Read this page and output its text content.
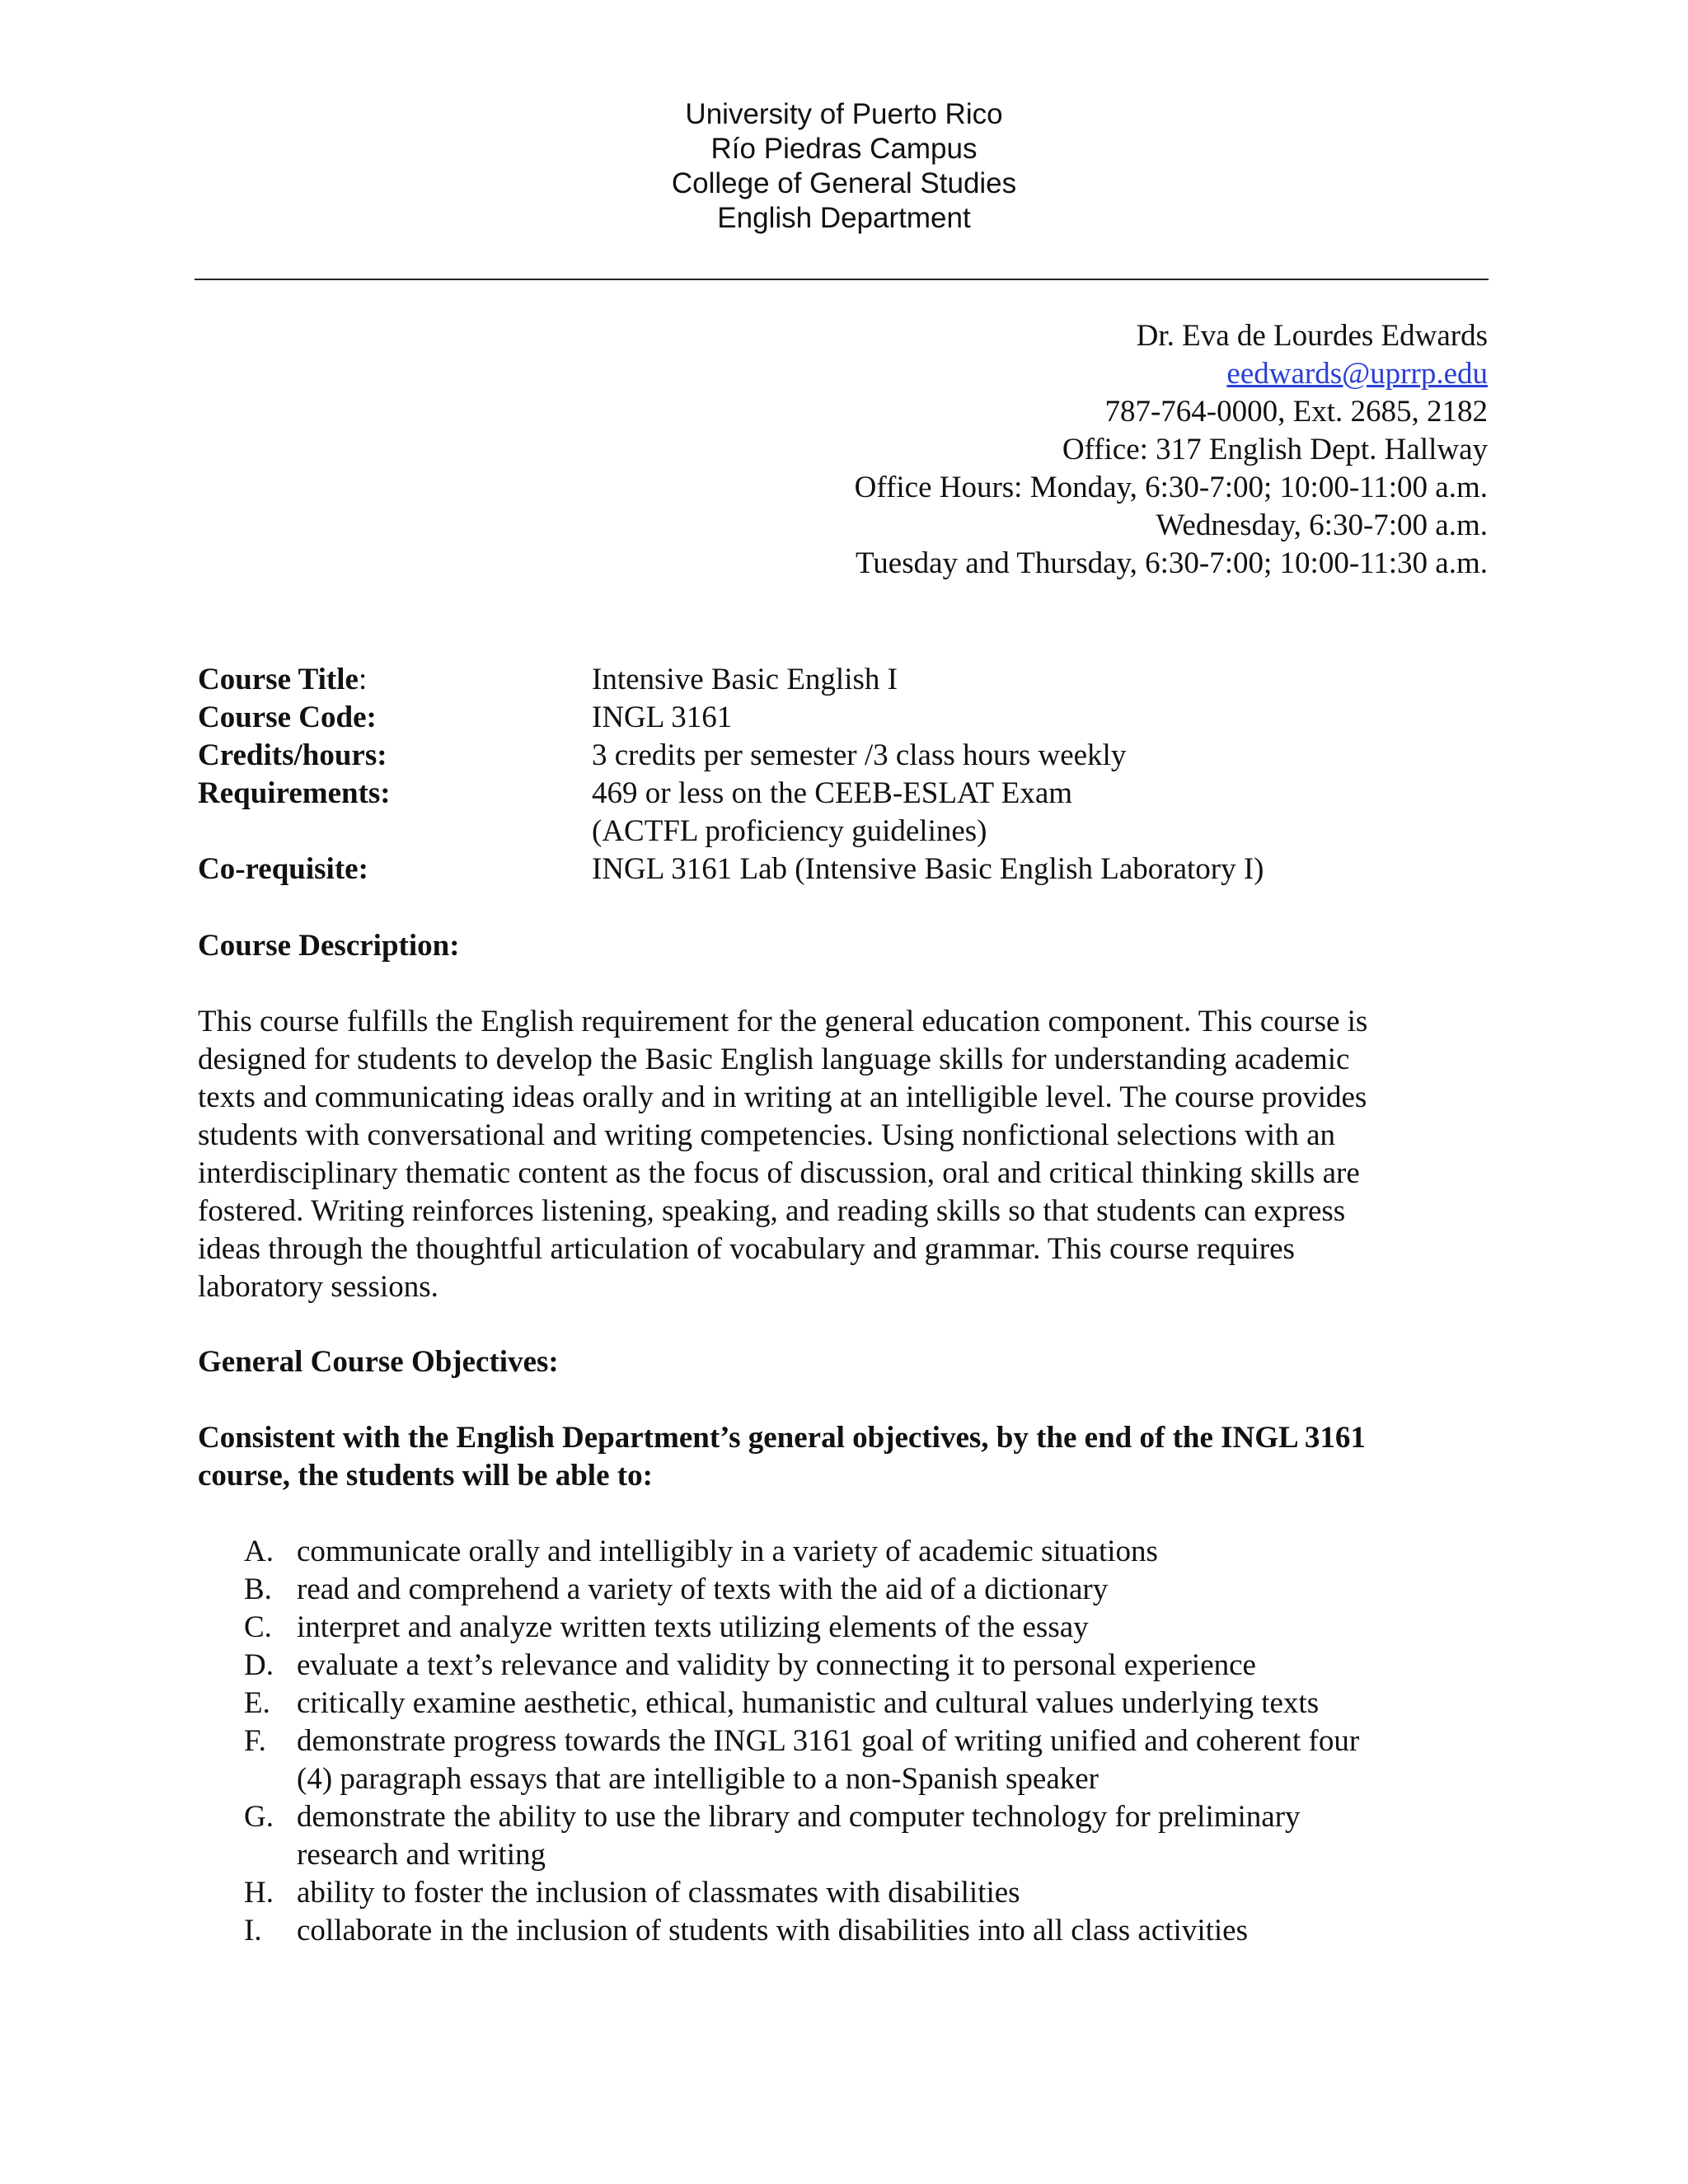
University of Puerto Rico
Río Piedras Campus
College of General Studies
English Department
Dr. Eva de Lourdes Edwards
eedwards@uprrp.edu
787-764-0000, Ext. 2685, 2182
Office: 317 English Dept. Hallway
Office Hours: Monday, 6:30-7:00; 10:00-11:00 a.m.
Wednesday, 6:30-7:00 a.m.
Tuesday and Thursday, 6:30-7:00; 10:00-11:30 a.m.
Course Title:	Intensive Basic English I
Course Code:	INGL 3161
Credits/hours:	3 credits per semester /3 class hours weekly
Requirements:	469 or less on the CEEB-ESLAT Exam
(ACTFL proficiency guidelines)
Co-requisite:	INGL 3161 Lab (Intensive Basic English Laboratory I)
Course Description:
This course fulfills the English requirement for the general education component. This course is
designed for students to develop the Basic English language skills for understanding academic
texts and communicating ideas orally and in writing at an intelligible level. The course provides
students with conversational and writing competencies. Using nonfictional selections with an
interdisciplinary thematic content as the focus of discussion, oral and critical thinking skills are
fostered. Writing reinforces listening, speaking, and reading skills so that students can express
ideas through the thoughtful articulation of vocabulary and grammar. This course requires
laboratory sessions.
General Course Objectives:
Consistent with the English Department’s general objectives, by the end of the INGL 3161
course, the students will be able to:
A. communicate orally and intelligibly in a variety of academic situations
B. read and comprehend a variety of texts with the aid of a dictionary
C. interpret and analyze written texts utilizing elements of the essay
D. evaluate a text’s relevance and validity by connecting it to personal experience
E. critically examine aesthetic, ethical, humanistic and cultural values underlying texts
F.	demonstrate progress towards the INGL 3161 goal of writing unified and coherent four
(4) paragraph essays that are intelligible to a non-Spanish speaker
G. demonstrate the ability to use the library and computer technology for preliminary
research and writing
H. ability to foster the inclusion of classmates with disabilities
I.	collaborate in the inclusion of students with disabilities into all class activities
